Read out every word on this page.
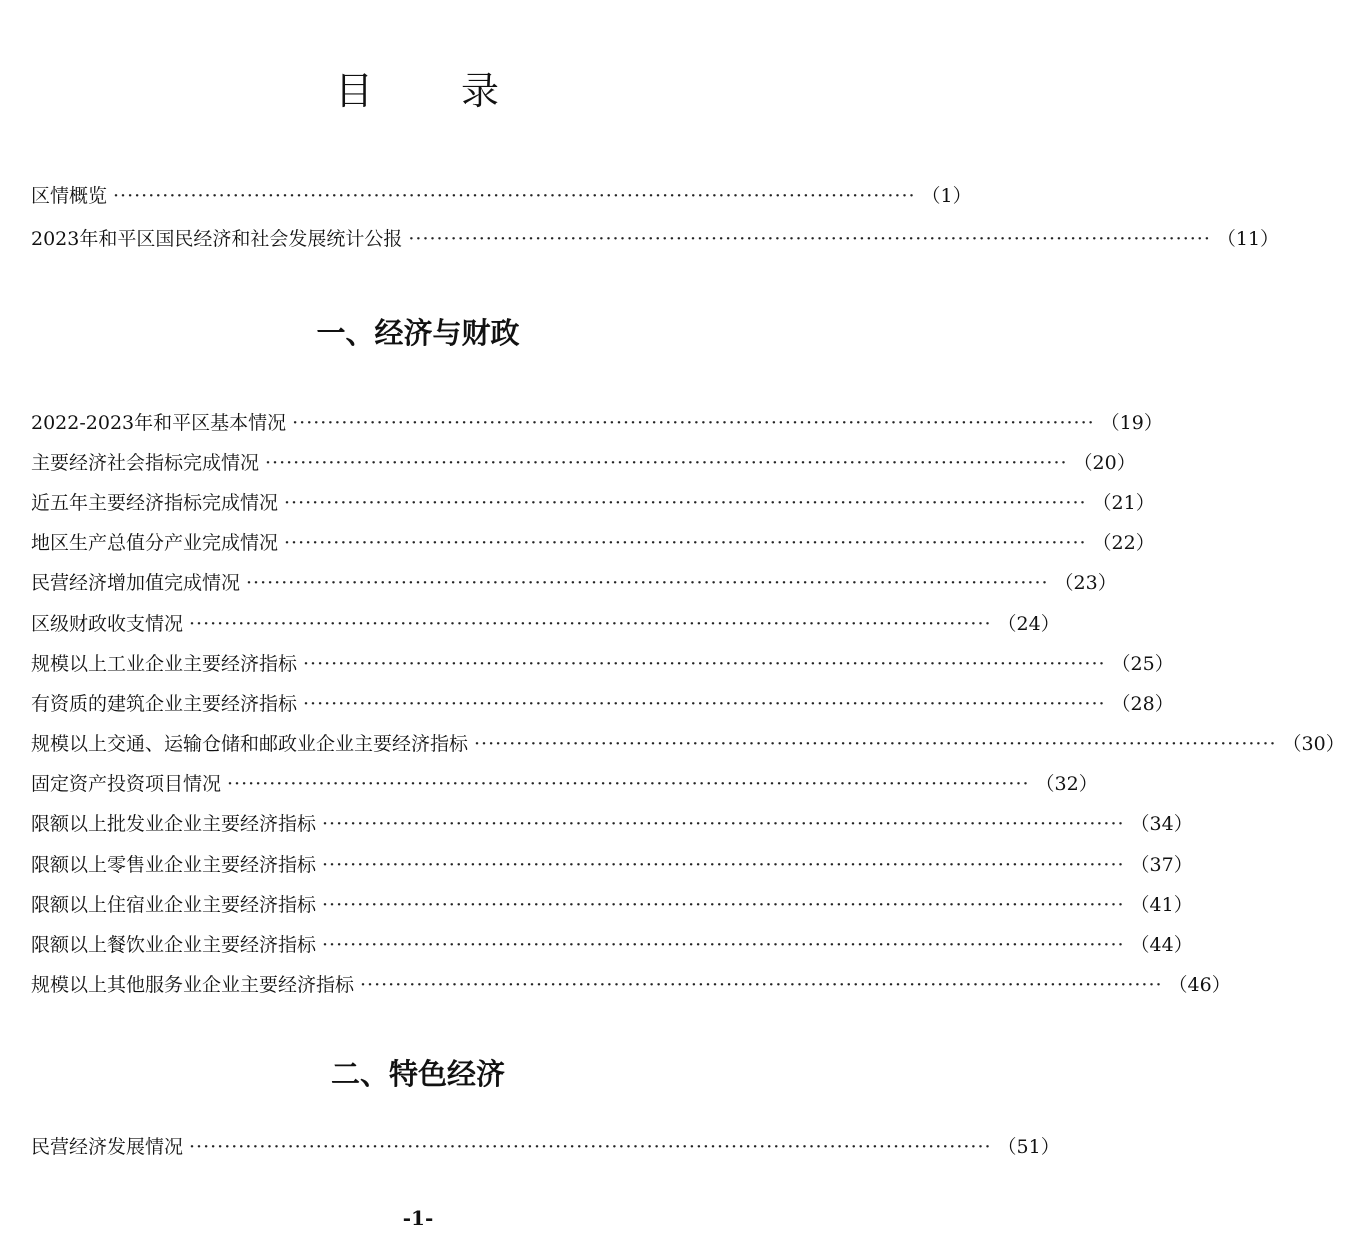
目 录
区情概览 ·················································································································· （1）
2023年和平区国民经济和社会发展统计公报 ·················································································································· （11）
一、经济与财政
2022-2023年和平区基本情况 ·················································································································· （19）
主要经济社会指标完成情况 ·················································································································· （20）
近五年主要经济指标完成情况 ·················································································································· （21）
地区生产总值分产业完成情况 ·················································································································· （22）
民营经济增加值完成情况 ·················································································································· （23）
区级财政收支情况 ·················································································································· （24）
规模以上工业企业主要经济指标 ·················································································································· （25）
有资质的建筑企业主要经济指标 ·················································································································· （28）
规模以上交通、运输仓储和邮政业企业主要经济指标 ·················································································································· （30）
固定资产投资项目情况 ·················································································································· （32）
限额以上批发业企业主要经济指标 ·················································································································· （34）
限额以上零售业企业主要经济指标 ·················································································································· （37）
限额以上住宿业企业主要经济指标 ·················································································································· （41）
限额以上餐饮业企业主要经济指标 ·················································································································· （44）
规模以上其他服务业企业主要经济指标 ·················································································································· （46）
二、特色经济
民营经济发展情况 ·················································································································· （51）
-1-
